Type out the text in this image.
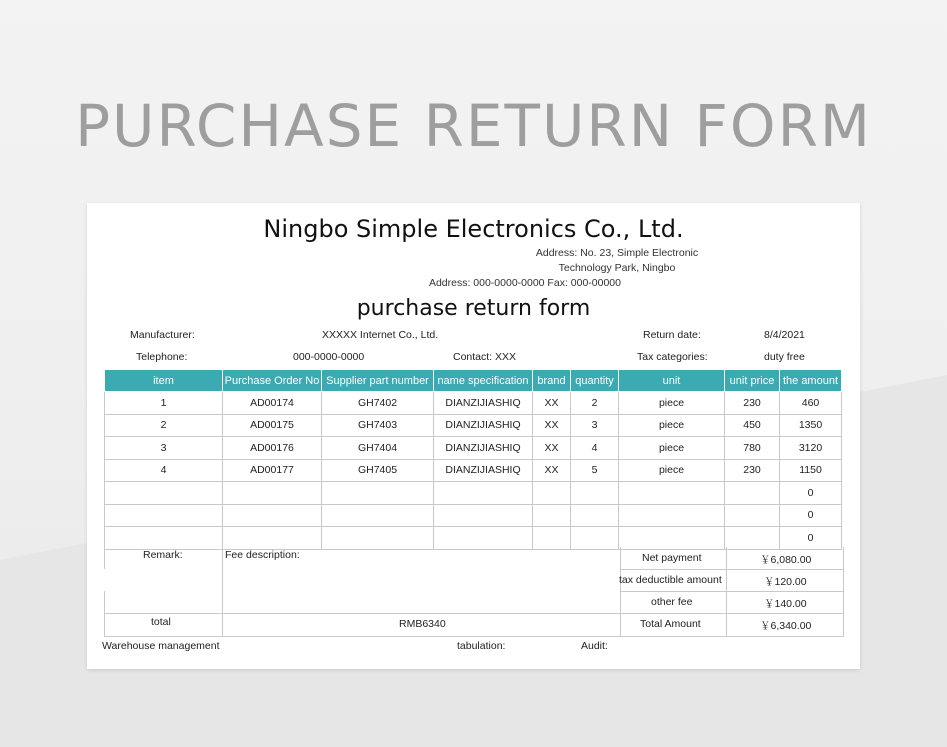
PURCHASE RETURN FORM
Ningbo Simple Electronics Co., Ltd.
Address: No. 23, Simple Electronic
Technology Park, Ningbo
Address: 000-0000-0000 Fax: 000-00000
purchase return form
Manufacturer:	XXXXX Internet Co., Ltd.	Return date:	8/4/2021
Telephone:	000-0000-0000	Contact: XXX	Tax categories:	duty free
item	Purchase Order No	Supplier part number	name specification	brand	quantity	unit	unit price	the amount
1	AD00174	GH7402	DIANZIJIASHIQ	XX	2	piece	230	460
2	AD00175	GH7403	DIANZIJIASHIQ	XX	3	piece	450	1350
3	AD00176	GH7404	DIANZIJIASHIQ	XX	4	piece	780	3120
4	AD00177	GH7405	DIANZIJIASHIQ	XX	5	piece	230	1150
								0
								0
								0
Remark:	Fee description:	Net payment	￥6,080.00
tax deductible amount	￥120.00
other fee	￥140.00
total	RMB6340	Total Amount	￥6,340.00
Warehouse management	tabulation:	Audit:
